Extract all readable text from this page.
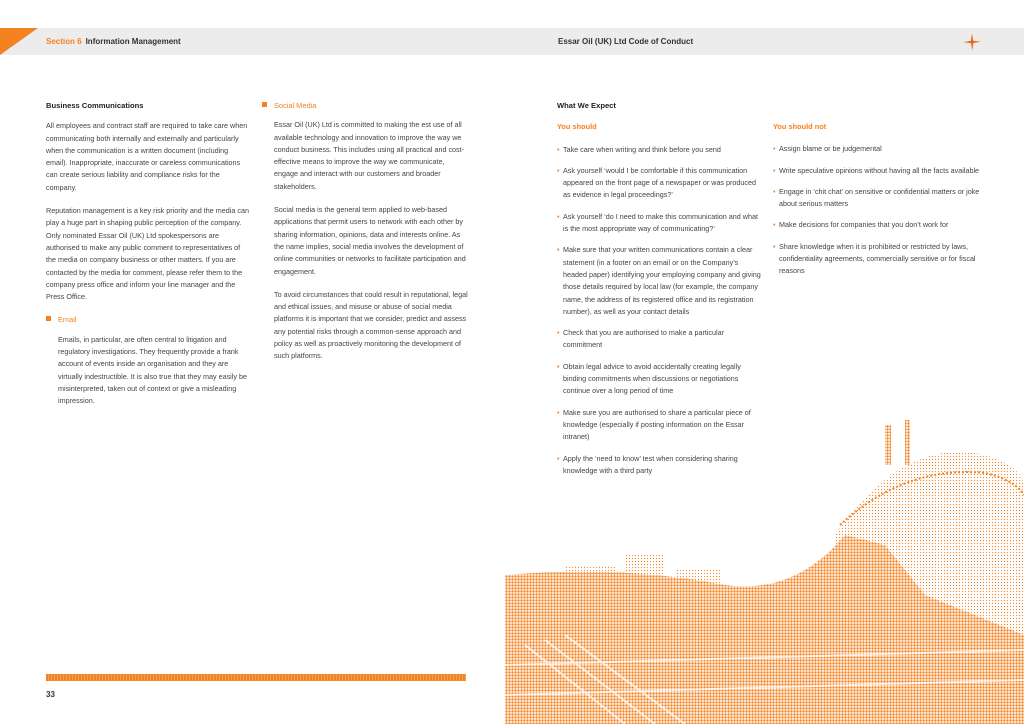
Section 6 Information Management	Essar Oil (UK) Ltd Code of Conduct
Business Communications

All employees and contract staff are required to take care when communicating both internally and externally and particularly when the communication is a written document (including email). Inappropriate, inaccurate or careless communications can create serious liability and compliance risks for the company.

Reputation management is a key risk priority and the media can play a huge part in shaping public perception of the company. Only nominated Essar Oil (UK) Ltd spokespersons are authorised to make any public comment to representatives of the media on company business or other matters. If you are contacted by the media for comment, please refer them to the company press office and inform your line manager and the Press Office.

Email

Emails, in particular, are often central to litigation and regulatory investigations. They frequently provide a frank account of events inside an organisation and they are virtually indestructible. It is also true that they may easily be misinterpreted, taken out of context or give a misleading impression.

Social Media

Essar Oil (UK) Ltd is committed to making the est use of all available technology and innovation to improve the way we conduct business. This includes using all practical and cost-effective means to improve the way we communicate, engage and interact with our customers and broader stakeholders.

Social media is the general term applied to web-based applications that permit users to network with each other by sharing information, opinions, data and interests online. As the name implies, social media involves the development of online communities or networks to facilitate participation and engagement.

To avoid circumstances that could result in reputational, legal and ethical issues, and misuse or abuse of social media platforms it is important that we consider, predict and assess any potential risks through a common-sense approach and policy as well as proactively monitoring the development of such platforms.

What We Expect
You should
• Take care when writing and think before you send
• Ask yourself ‘would I be comfortable if this communication appeared on the front page of a newspaper or was produced as evidence in legal proceedings?’
• Ask yourself ‘do I need to make this communication and what is the most appropriate way of communicating?’
• Make sure that your written communications contain a clear statement (in a footer on an email or on the Company’s headed paper) identifying your employing company and giving those details required by local law (for example, the company name, the address of its registered office and its registration number), as well as your contact details
• Check that you are authorised to make a particular commitment
• Obtain legal advice to avoid accidentally creating legally binding commitments when discussions or negotiations continue over a long period of time
• Make sure you are authorised to share a particular piece of knowledge (especially if posting information on the Essar intranet)
• Apply the ‘need to know’ test when considering sharing knowledge with a third party
You should not
• Assign blame or be judgemental
• Write speculative opinions without having all the facts available
• Engage in ‘chit chat’ on sensitive or confidential matters or joke about serious matters
• Make decisions for companies that you don’t work for
• Share knowledge when it is prohibited or restricted by laws, confidentiality agreements, commercially sensitive or for fiscal reasons
33
